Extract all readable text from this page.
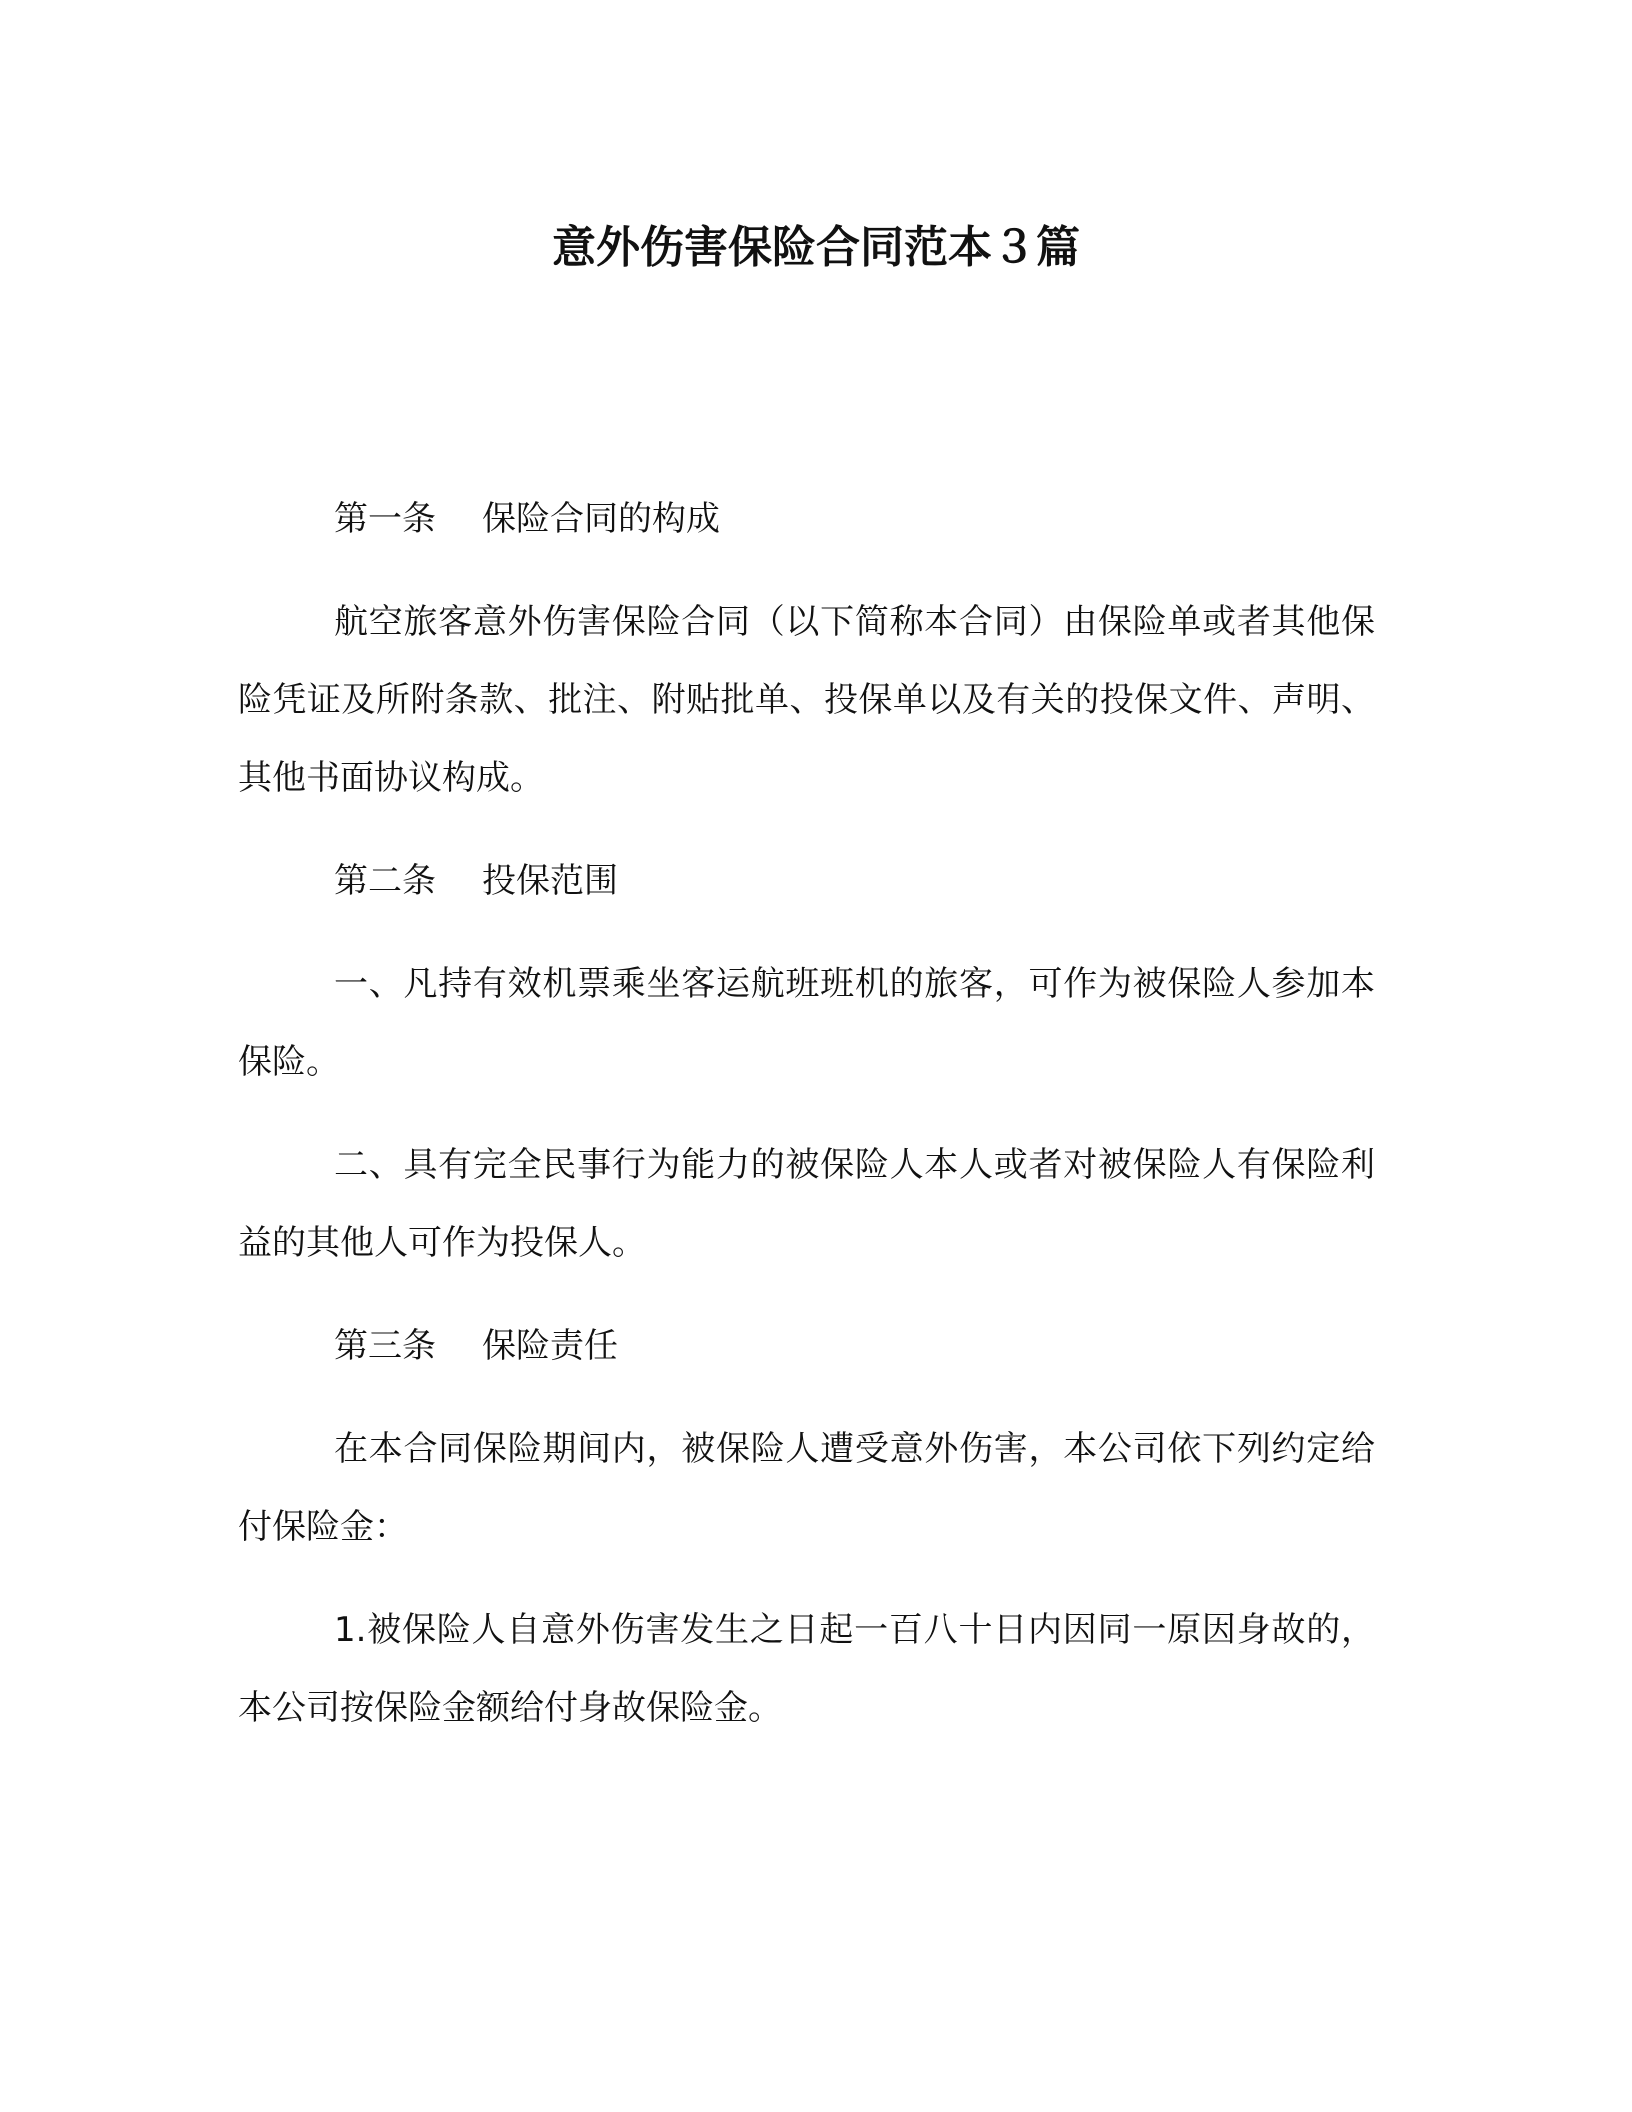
意外伤害保险合同范本３篇

第一条 保险合同的构成

航空旅客意外伤害保险合同（以下简称本合同）由保险单或者其他保险凭证及所附条款、批注、附贴批单、投保单以及有关的投保文件、声明、其他书面协议构成。

第二条 投保范围

一、凡持有效机票乘坐客运航班班机的旅客，可作为被保险人参加本保险。

二、具有完全民事行为能力的被保险人本人或者对被保险人有保险利益的其他人可作为投保人。

第三条 保险责任

在本合同保险期间内，被保险人遭受意外伤害，本公司依下列约定给付保险金：

1.被保险人自意外伤害发生之日起一百八十日内因同一原因身故的，本公司按保险金额给付身故保险金。
